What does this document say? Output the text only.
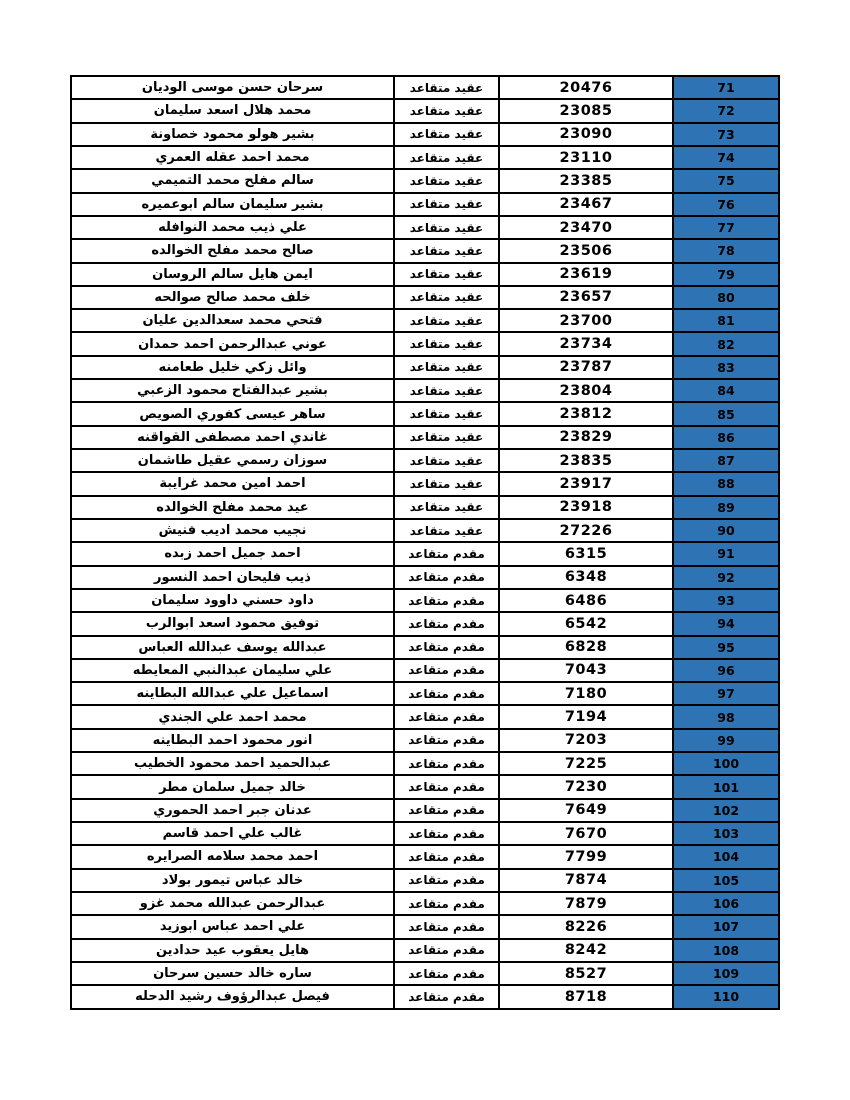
سرحان حسن موسى الوديان	عقيد متقاعد	20476	71
محمد هلال اسعد سليمان	عقيد متقاعد	23085	72
بشير هولو محمود خصاونة	عقيد متقاعد	23090	73
محمد احمد عقله العمري	عقيد متقاعد	23110	74
سالم مفلح محمد التميمي	عقيد متقاعد	23385	75
بشير سليمان سالم ابوعميره	عقيد متقاعد	23467	76
علي ذيب محمد النوافله	عقيد متقاعد	23470	77
صالح محمد مفلح الخوالده	عقيد متقاعد	23506	78
ايمن هايل سالم الروسان	عقيد متقاعد	23619	79
خلف محمد صالح صوالحه	عقيد متقاعد	23657	80
فتحي محمد سعدالدين عليان	عقيد متقاعد	23700	81
عوني عبدالرحمن احمد حمدان	عقيد متقاعد	23734	82
وائل زكي خليل طعامنه	عقيد متقاعد	23787	83
بشير عبدالفتاح محمود الزعبي	عقيد متقاعد	23804	84
ساهر عيسى كفوري الصويص	عقيد متقاعد	23812	85
غاندي احمد مصطفى القواقنه	عقيد متقاعد	23829	86
سوزان رسمي عقيل طاشمان	عقيد متقاعد	23835	87
احمد امين محمد غرايبة	عقيد متقاعد	23917	88
عيد محمد مفلح الخوالده	عقيد متقاعد	23918	89
نجيب محمد اديب فنيش	عقيد متقاعد	27226	90
احمد جميل احمد زبده	مقدم متقاعد	6315	91
ذيب فليحان احمد النسور	مقدم متقاعد	6348	92
داود حسني داوود سليمان	مقدم متقاعد	6486	93
توفيق محمود اسعد ابوالرب	مقدم متقاعد	6542	94
عبدالله يوسف عبدالله العباس	مقدم متقاعد	6828	95
علي سليمان عبدالنبي المعايطه	مقدم متقاعد	7043	96
اسماعيل علي عبدالله البطاينه	مقدم متقاعد	7180	97
محمد احمد علي الجندي	مقدم متقاعد	7194	98
انور محمود احمد البطاينه	مقدم متقاعد	7203	99
عبدالحميد احمد محمود الخطيب	مقدم متقاعد	7225	100
خالد جميل سلمان مطر	مقدم متقاعد	7230	101
عدنان جبر احمد الحموري	مقدم متقاعد	7649	102
غالب علي احمد قاسم	مقدم متقاعد	7670	103
احمد محمد سلامه الصرايره	مقدم متقاعد	7799	104
خالد عباس تيمور بولاد	مقدم متقاعد	7874	105
عبدالرحمن عبدالله محمد غزو	مقدم متقاعد	7879	106
علي احمد عباس ابوزيد	مقدم متقاعد	8226	107
هايل يعقوب عيد حدادين	مقدم متقاعد	8242	108
ساره خالد حسين سرحان	مقدم متقاعد	8527	109
فيصل عبدالرؤوف رشيد الدحله	مقدم متقاعد	8718	110
